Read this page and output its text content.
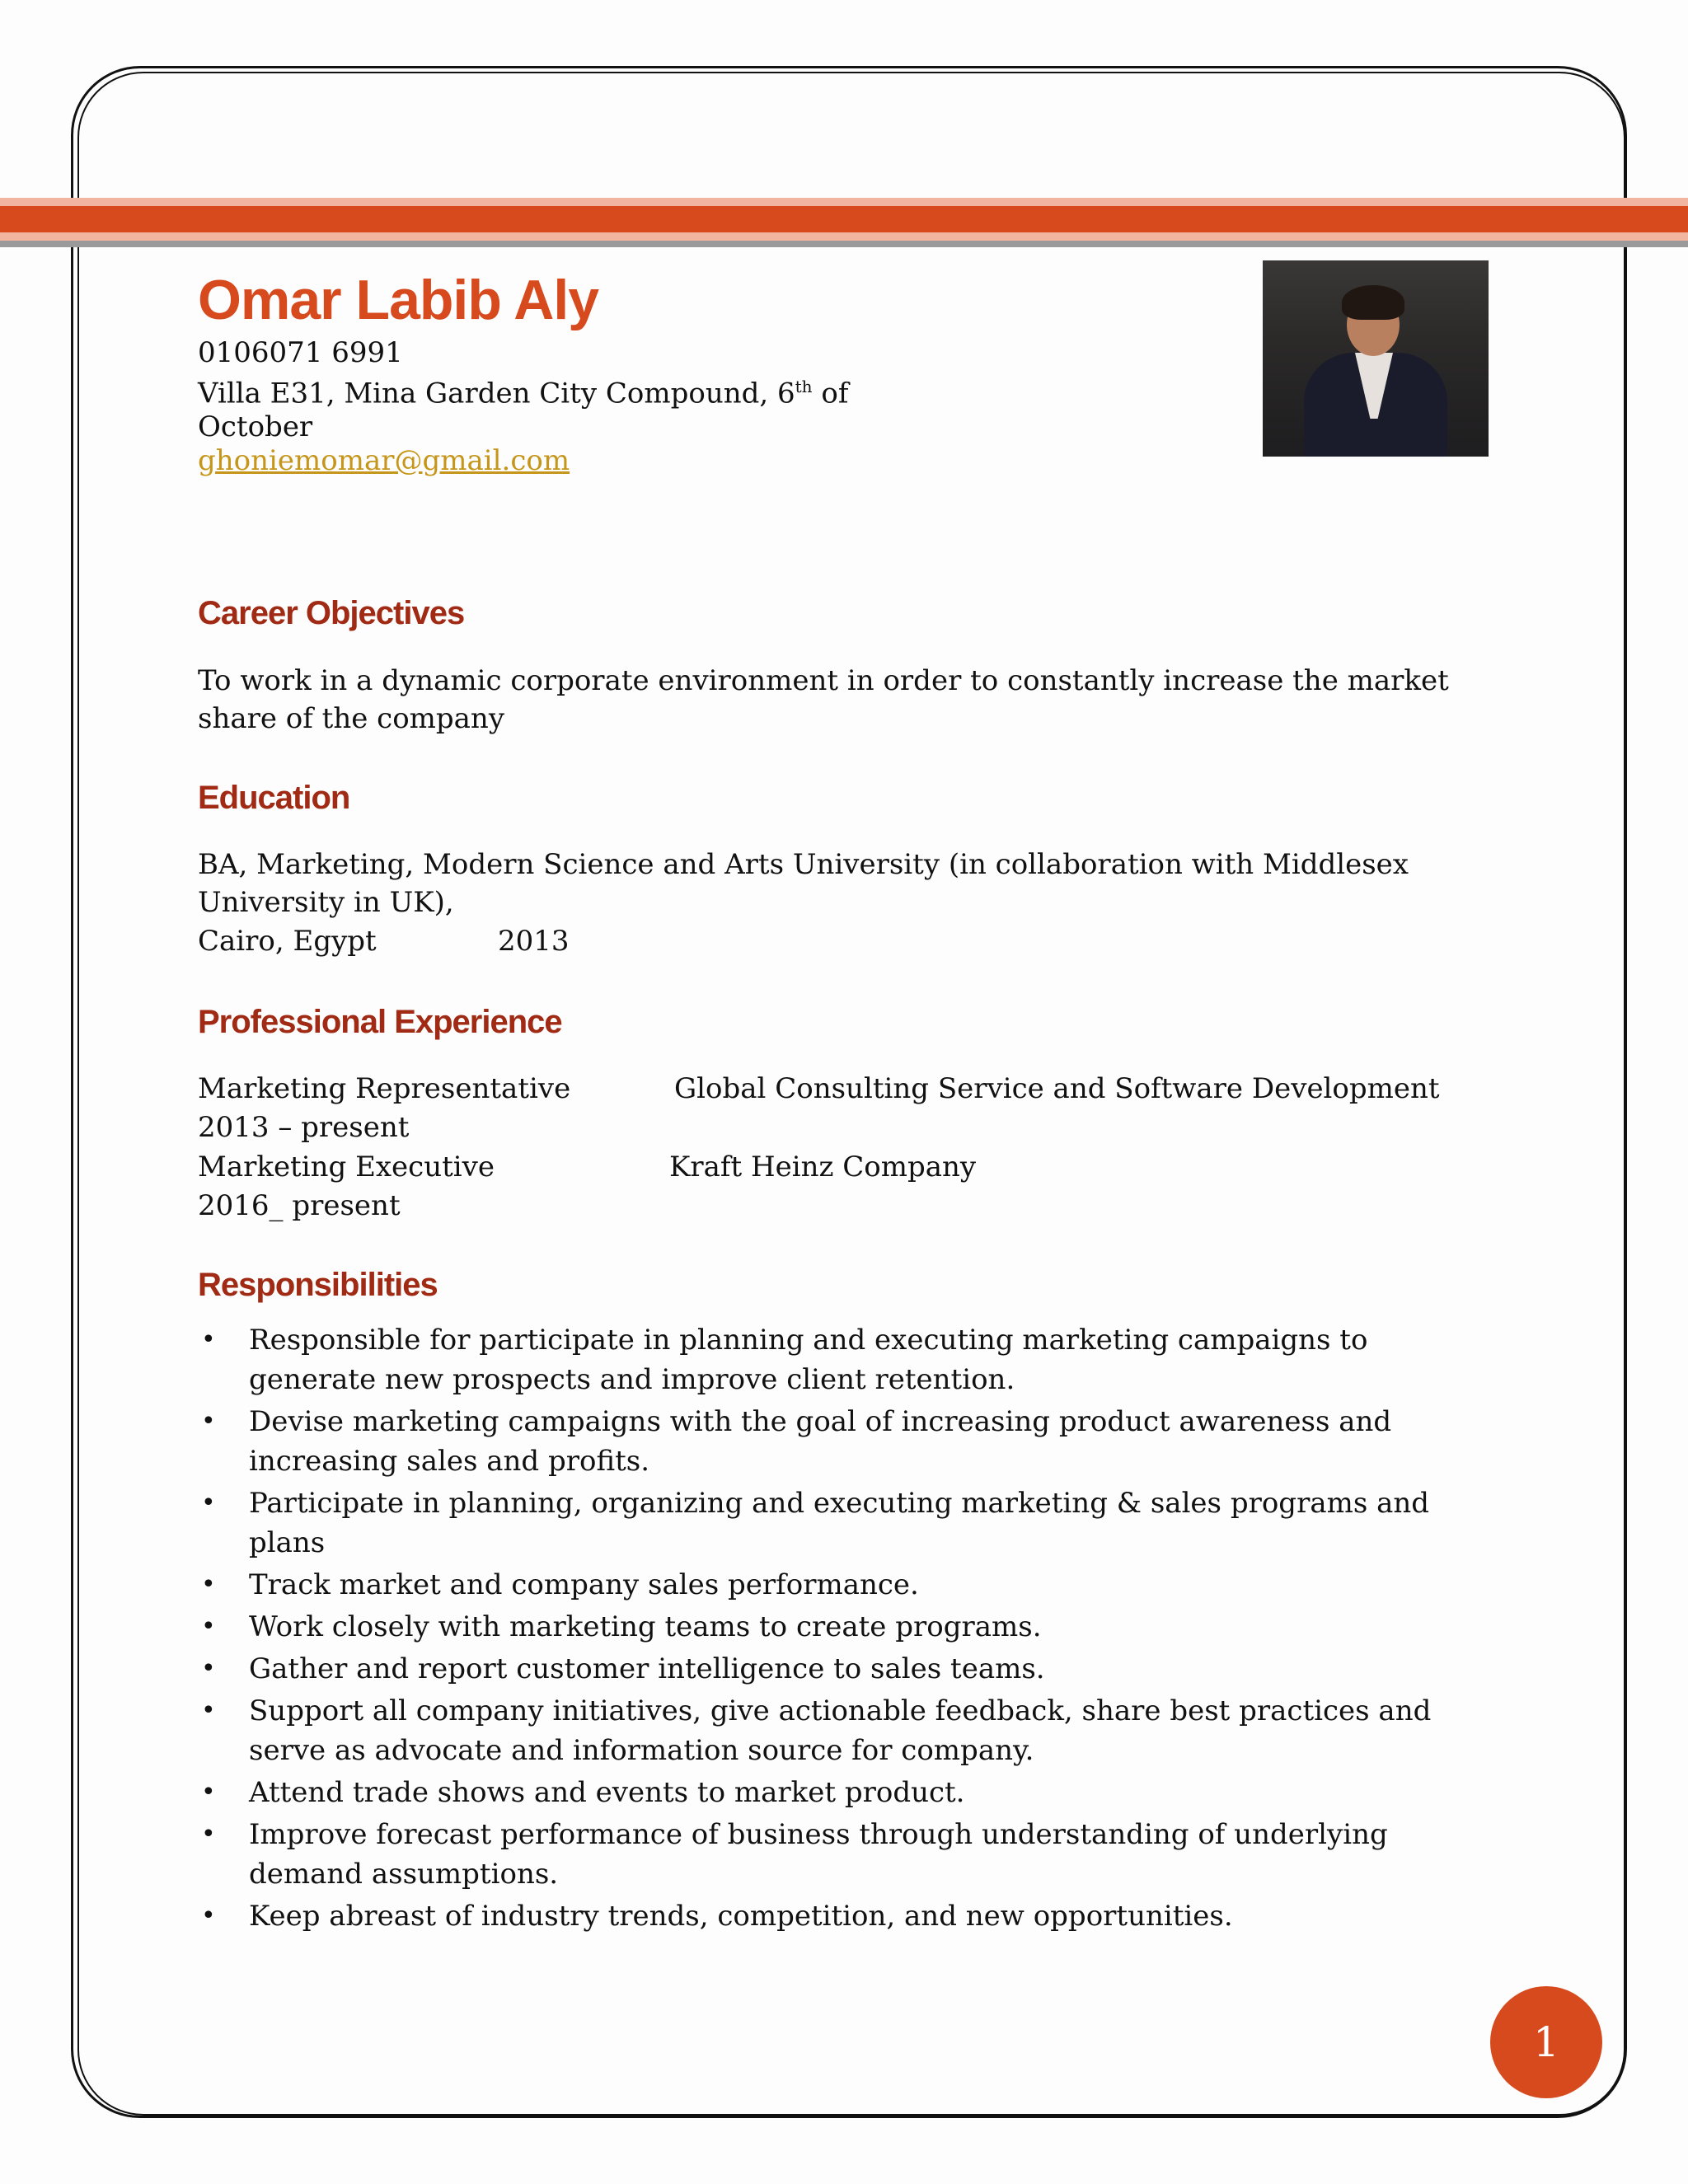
Omar Labib Aly

0106071 6991

Villa E31, Mina Garden City Compound, 6th of

October

ghoniemomar@gmail.com

Career Objectives

To work in a dynamic corporate environment in order to constantly increase the market share of the company

Education

BA, Marketing, Modern Science and Arts University (in collaboration with Middlesex University in UK),

Cairo, Egypt	2013
Professional Experience
Marketing Representative	Global Consulting Service and Software Development
2013 – present
Marketing Executive	Kraft Heinz Company
2016_ present
Responsibilities
• Responsible for participate in planning and executing marketing campaigns to generate new prospects and improve client retention.
• Devise marketing campaigns with the goal of increasing product awareness and increasing sales and profits.
• Participate in planning, organizing and executing marketing & sales programs and plans
• Track market and company sales performance.
• Work closely with marketing teams to create programs.
• Gather and report customer intelligence to sales teams.
• Support all company initiatives, give actionable feedback, share best practices and serve as advocate and information source for company.
• Attend trade shows and events to market product.
• Improve forecast performance of business through understanding of underlying demand assumptions.
• Keep abreast of industry trends, competition, and new opportunities.
1
